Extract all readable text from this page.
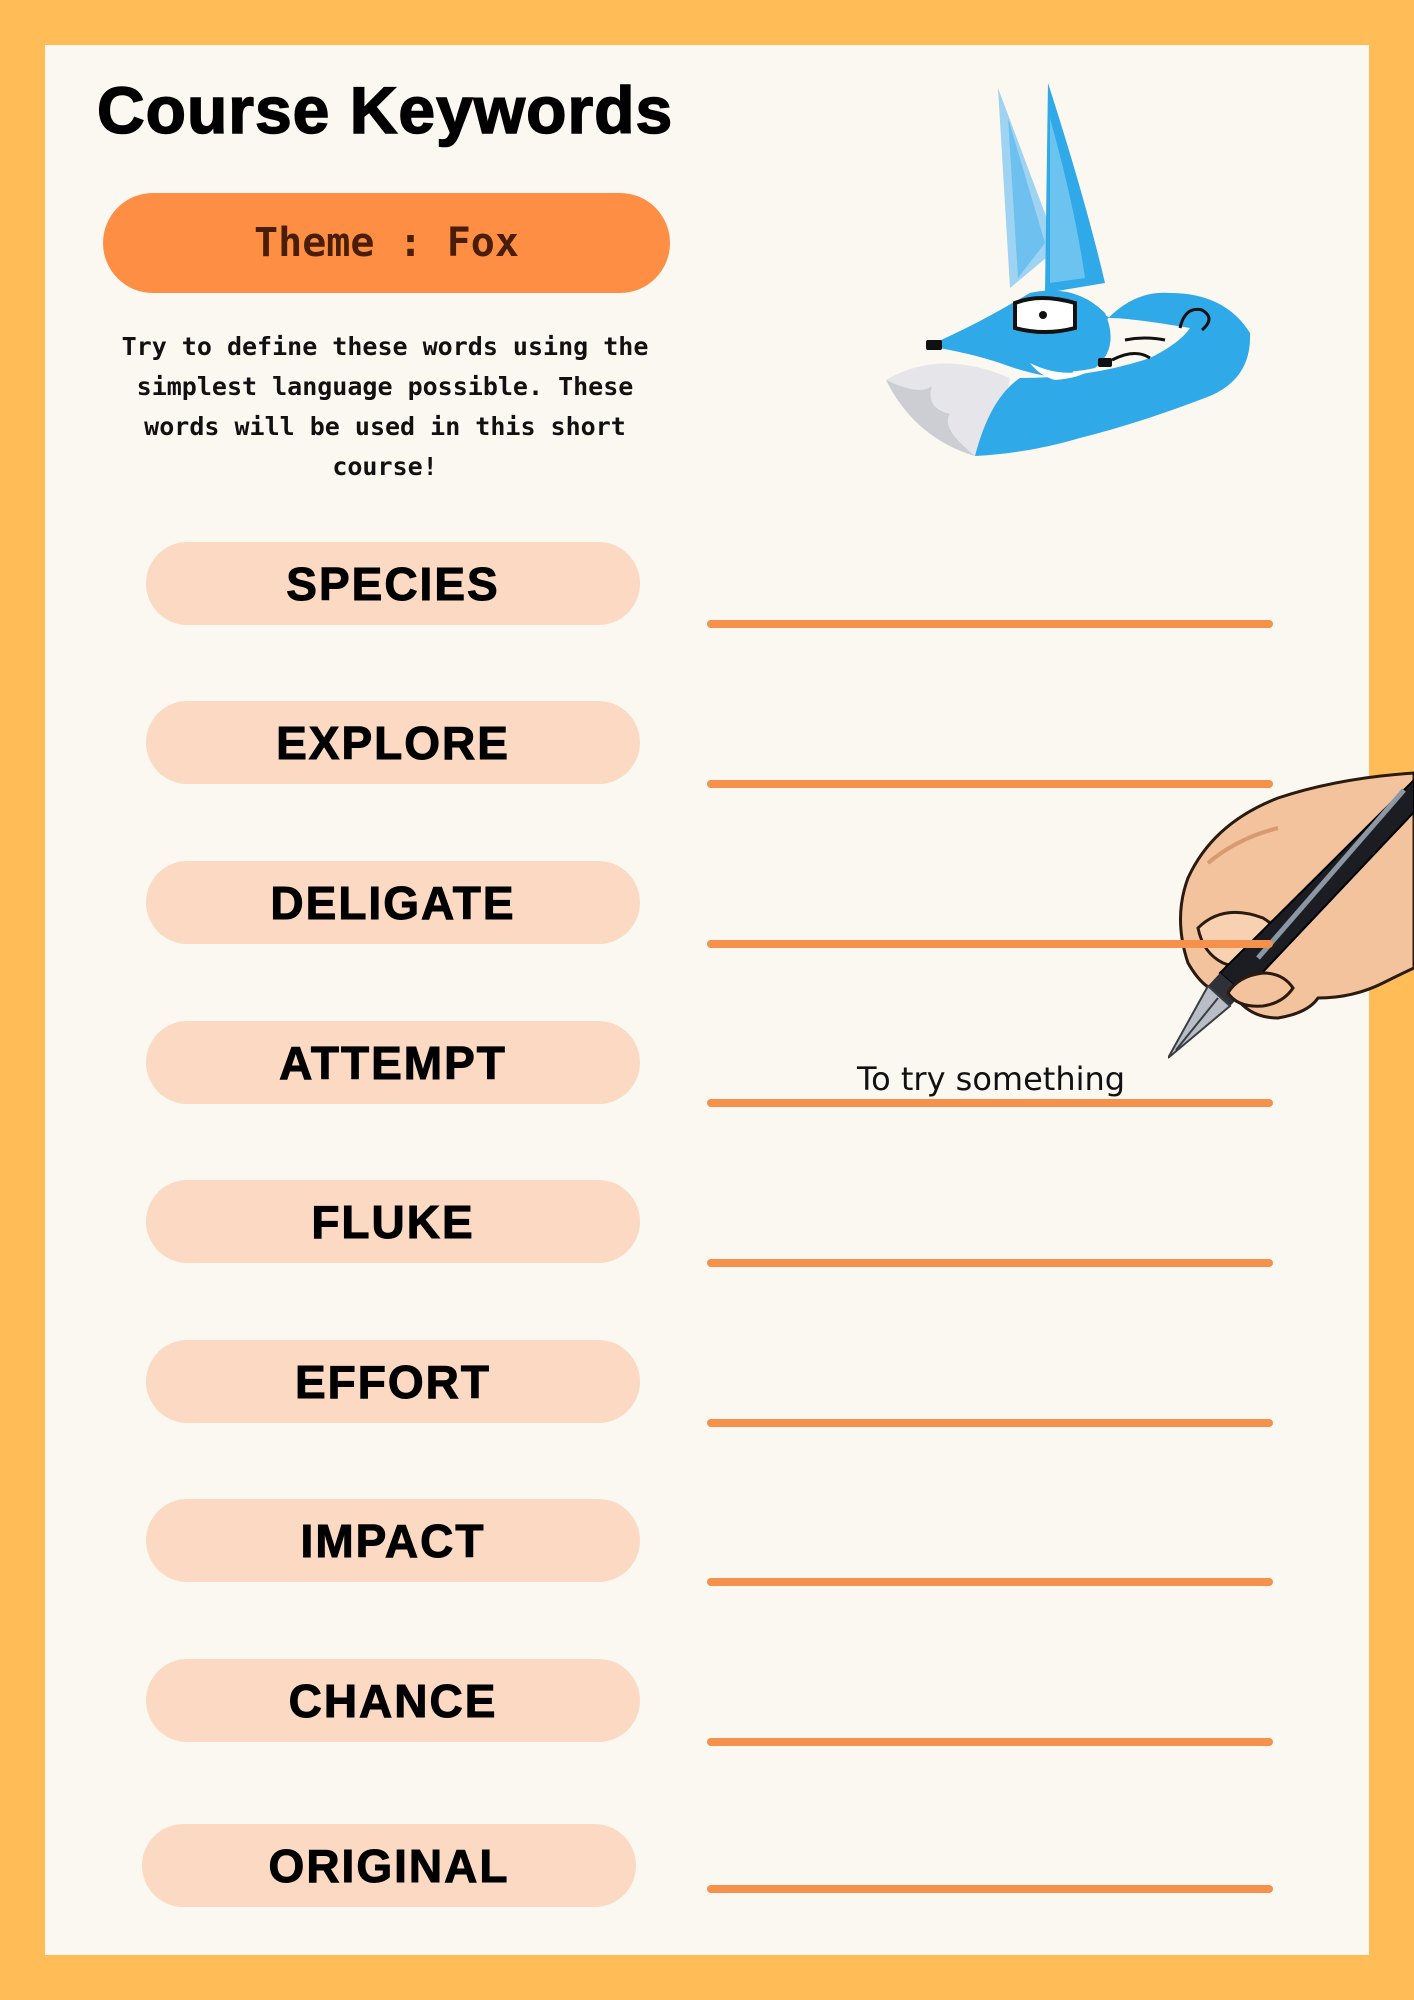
Course Keywords
Theme : Fox

Try to define these words using the simplest language possible. These words will be used in this short course!

SPECIES
EXPLORE
DELIGATE
ATTEMPT	To try something
FLUKE
EFFORT
IMPACT
CHANCE
ORIGINAL
